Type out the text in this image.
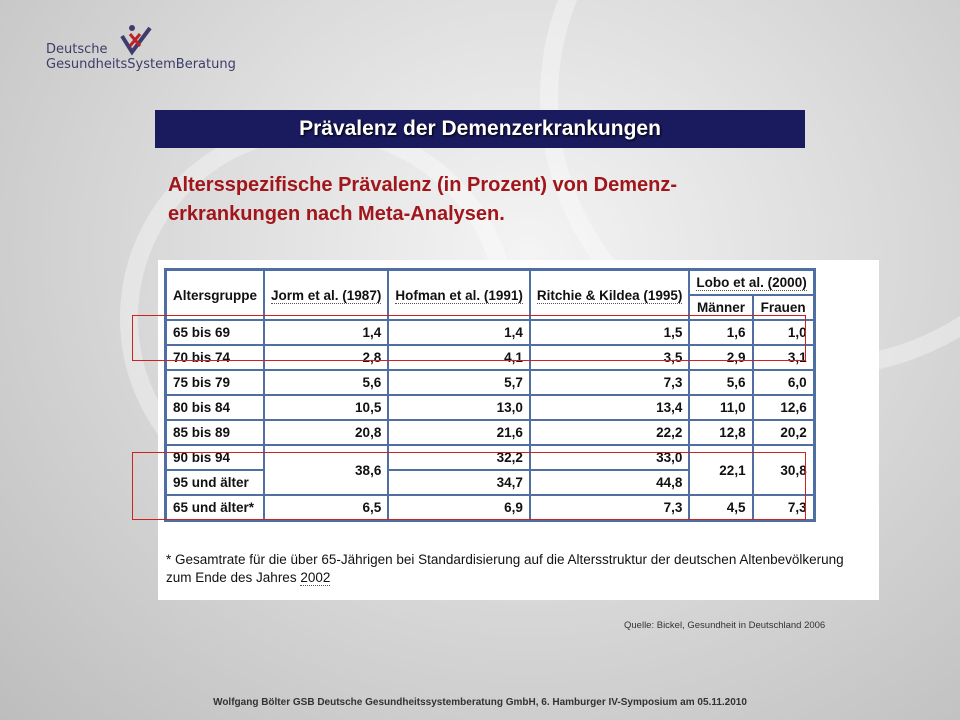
Deutsche
GesundheitsSystemBeratung
Prävalenz der Demenzerkrankungen
Altersspezifische Prävalenz (in Prozent) von Demenz-erkrankungen nach Meta-Analysen.
Altersgruppe	Jorm et al. (1987)	Hofman et al. (1991)	Ritchie & Kildea (1995)	Lobo et al. (2000)	
				Männer	Frauen
65 bis 69	1,4	1,4	1,5	1,6	1,0
70 bis 74	2,8	4,1	3,5	2,9	3,1
75 bis 79	5,6	5,7	7,3	5,6	6,0
80 bis 84	10,5	13,0	13,4	11,0	12,6
85 bis 89	20,8	21,6	22,2	12,8	20,2
90 bis 94	38,6	32,2	33,0	22,1	30,8
95 und älter		34,7	44,8		
65 und älter*	6,5	6,9	7,3	4,5	7,3
* Gesamtrate für die über 65-Jährigen bei Standardisierung auf die Altersstruktur der deutschen Altenbevölkerung zum Ende des Jahres 2002
Quelle: Bickel, Gesundheit in Deutschland 2006
Wolfgang Bölter GSB Deutsche Gesundheitssystemberatung GmbH, 6. Hamburger IV-Symposium am 05.11.2010
